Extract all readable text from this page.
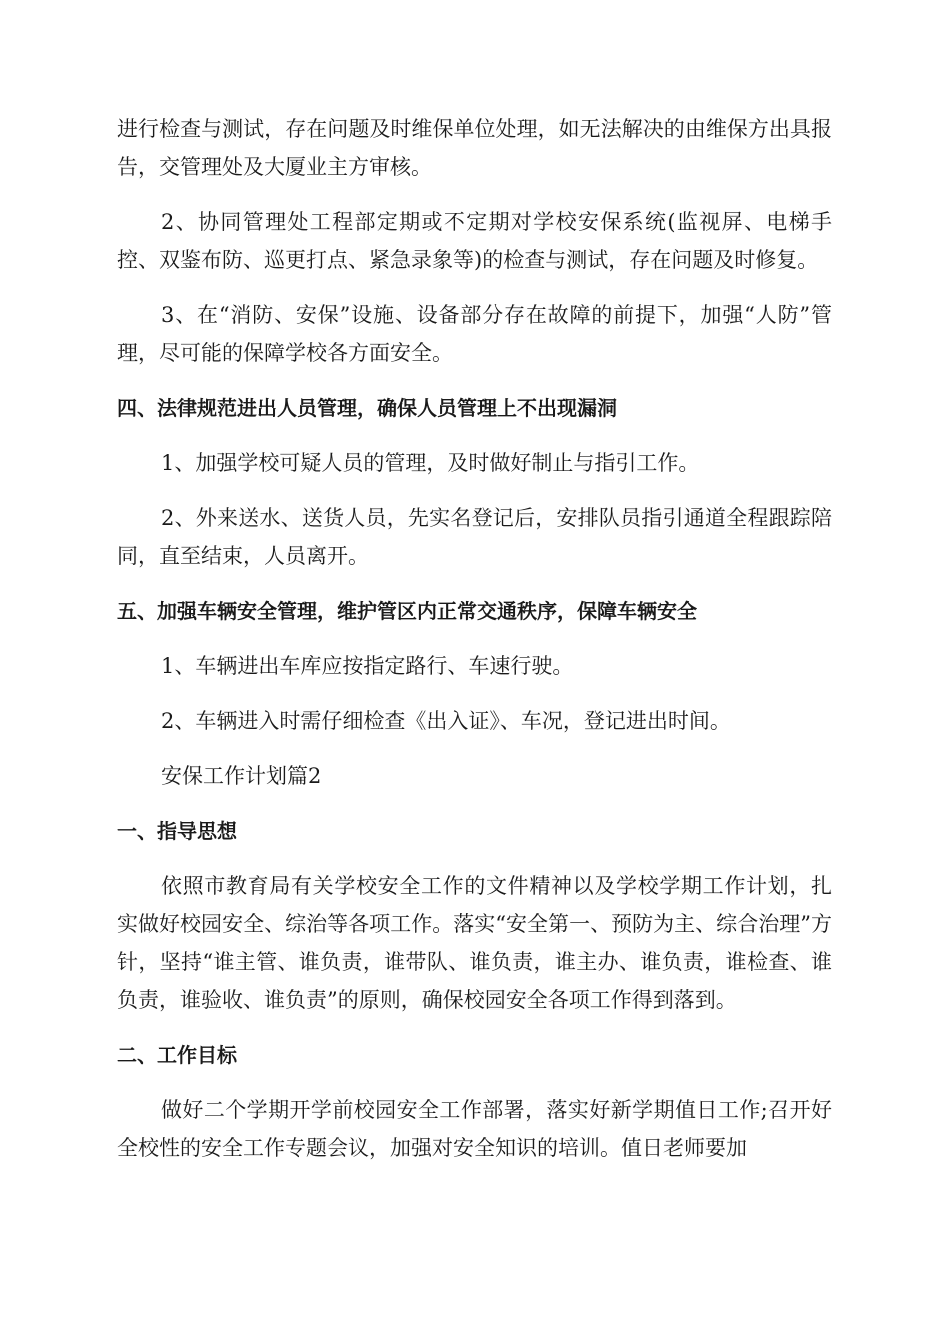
进行检查与测试，存在问题及时维保单位处理，如无法解决的由维保方出具报告，交管理处及大厦业主方审核。

2、协同管理处工程部定期或不定期对学校安保系统(监视屏、电梯手控、双鉴布防、巡更打点、紧急录象等)的检查与测试，存在问题及时修复。

3、在“消防、安保”设施、设备部分存在故障的前提下，加强“人防”管理，尽可能的保障学校各方面安全。

四、法律规范进出人员管理，确保人员管理上不出现漏洞

1、加强学校可疑人员的管理，及时做好制止与指引工作。

2、外来送水、送货人员，先实名登记后，安排队员指引通道全程跟踪陪同，直至结束，人员离开。

五、加强车辆安全管理，维护管区内正常交通秩序，保障车辆安全

1、车辆进出车库应按指定路行、车速行驶。

2、车辆进入时需仔细检查《出入证》、车况，登记进出时间。

安保工作计划篇2

一、指导思想

依照市教育局有关学校安全工作的文件精神以及学校学期工作计划，扎实做好校园安全、综治等各项工作。落实“安全第一、预防为主、综合治理”方针，坚持“谁主管、谁负责，谁带队、谁负责，谁主办、谁负责，谁检查、谁负责，谁验收、谁负责”的原则，确保校园安全各项工作得到落到。

二、工作目标

做好二个学期开学前校园安全工作部署，落实好新学期值日工作;召开好全校性的安全工作专题会议，加强对安全知识的培训。值日老师要加
